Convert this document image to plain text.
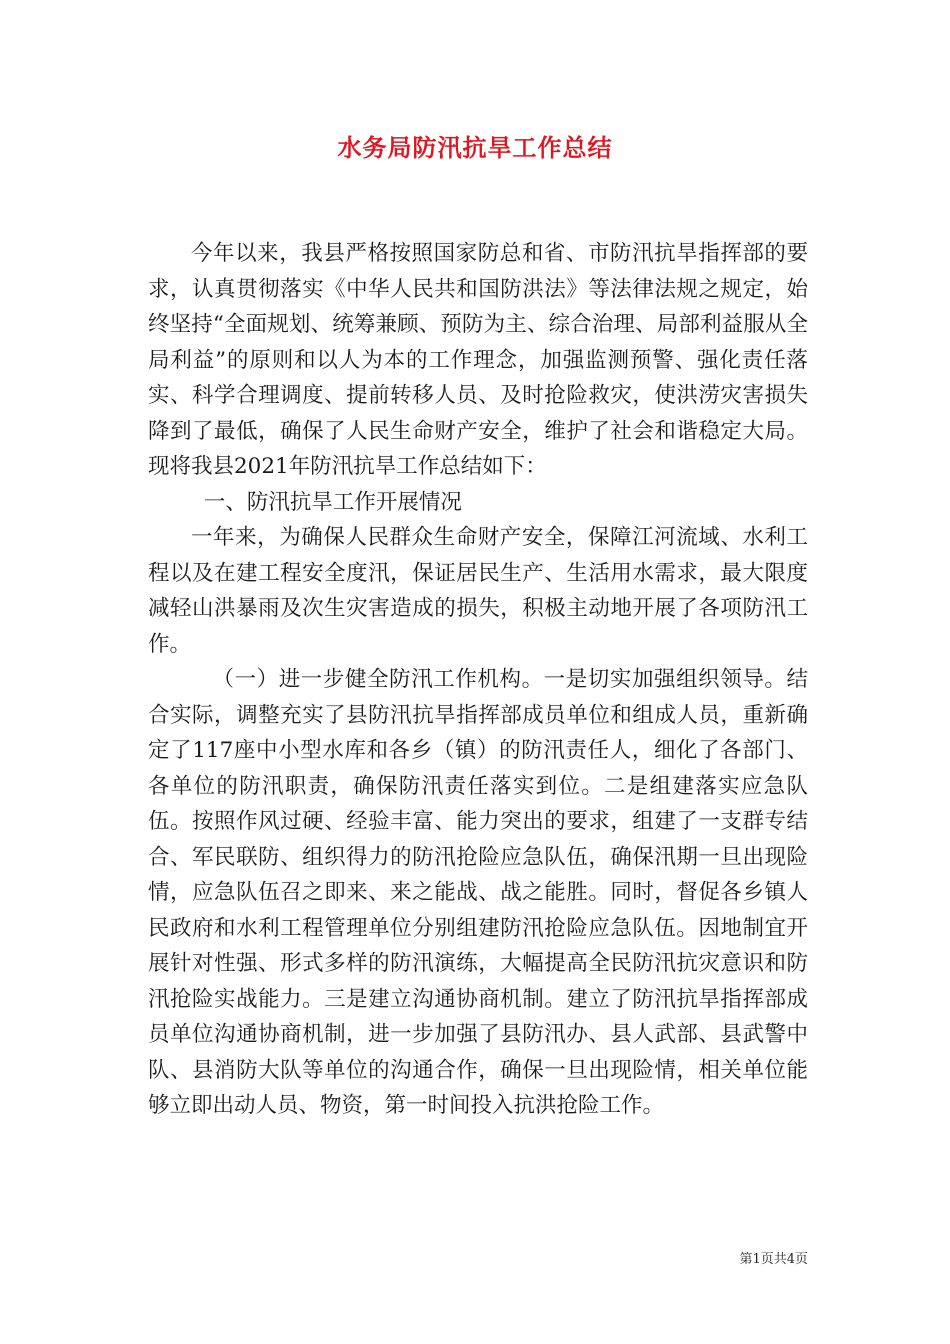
水务局防汛抗旱工作总结

今年以来，我县严格按照国家防总和省、市防汛抗旱指挥部的要求，认真贯彻落实《中华人民共和国防洪法》等法律法规之规定，始终坚持“全面规划、统筹兼顾、预防为主、综合治理、局部利益服从全局利益”的原则和以人为本的工作理念，加强监测预警、强化责任落实、科学合理调度、提前转移人员、及时抢险救灾，使洪涝灾害损失降到了最低，确保了人民生命财产安全，维护了社会和谐稳定大局。现将我县2021年防汛抗旱工作总结如下：

一、防汛抗旱工作开展情况

一年来，为确保人民群众生命财产安全，保障江河流域、水利工程以及在建工程安全度汛，保证居民生产、生活用水需求，最大限度减轻山洪暴雨及次生灾害造成的损失，积极主动地开展了各项防汛工作。

（一）进一步健全防汛工作机构。一是切实加强组织领导。结合实际，调整充实了县防汛抗旱指挥部成员单位和组成人员，重新确定了117座中小型水库和各乡（镇）的防汛责任人，细化了各部门、各单位的防汛职责，确保防汛责任落实到位。二是组建落实应急队伍。按照作风过硬、经验丰富、能力突出的要求，组建了一支群专结合、军民联防、组织得力的防汛抢险应急队伍，确保汛期一旦出现险情，应急队伍召之即来、来之能战、战之能胜。同时，督促各乡镇人民政府和水利工程管理单位分别组建防汛抢险应急队伍。因地制宜开展针对性强、形式多样的防汛演练，大幅提高全民防汛抗灾意识和防汛抢险实战能力。三是建立沟通协商机制。建立了防汛抗旱指挥部成员单位沟通协商机制，进一步加强了县防汛办、县人武部、县武警中队、县消防大队等单位的沟通合作，确保一旦出现险情，相关单位能够立即出动人员、物资，第一时间投入抗洪抢险工作。

第1页共4页
